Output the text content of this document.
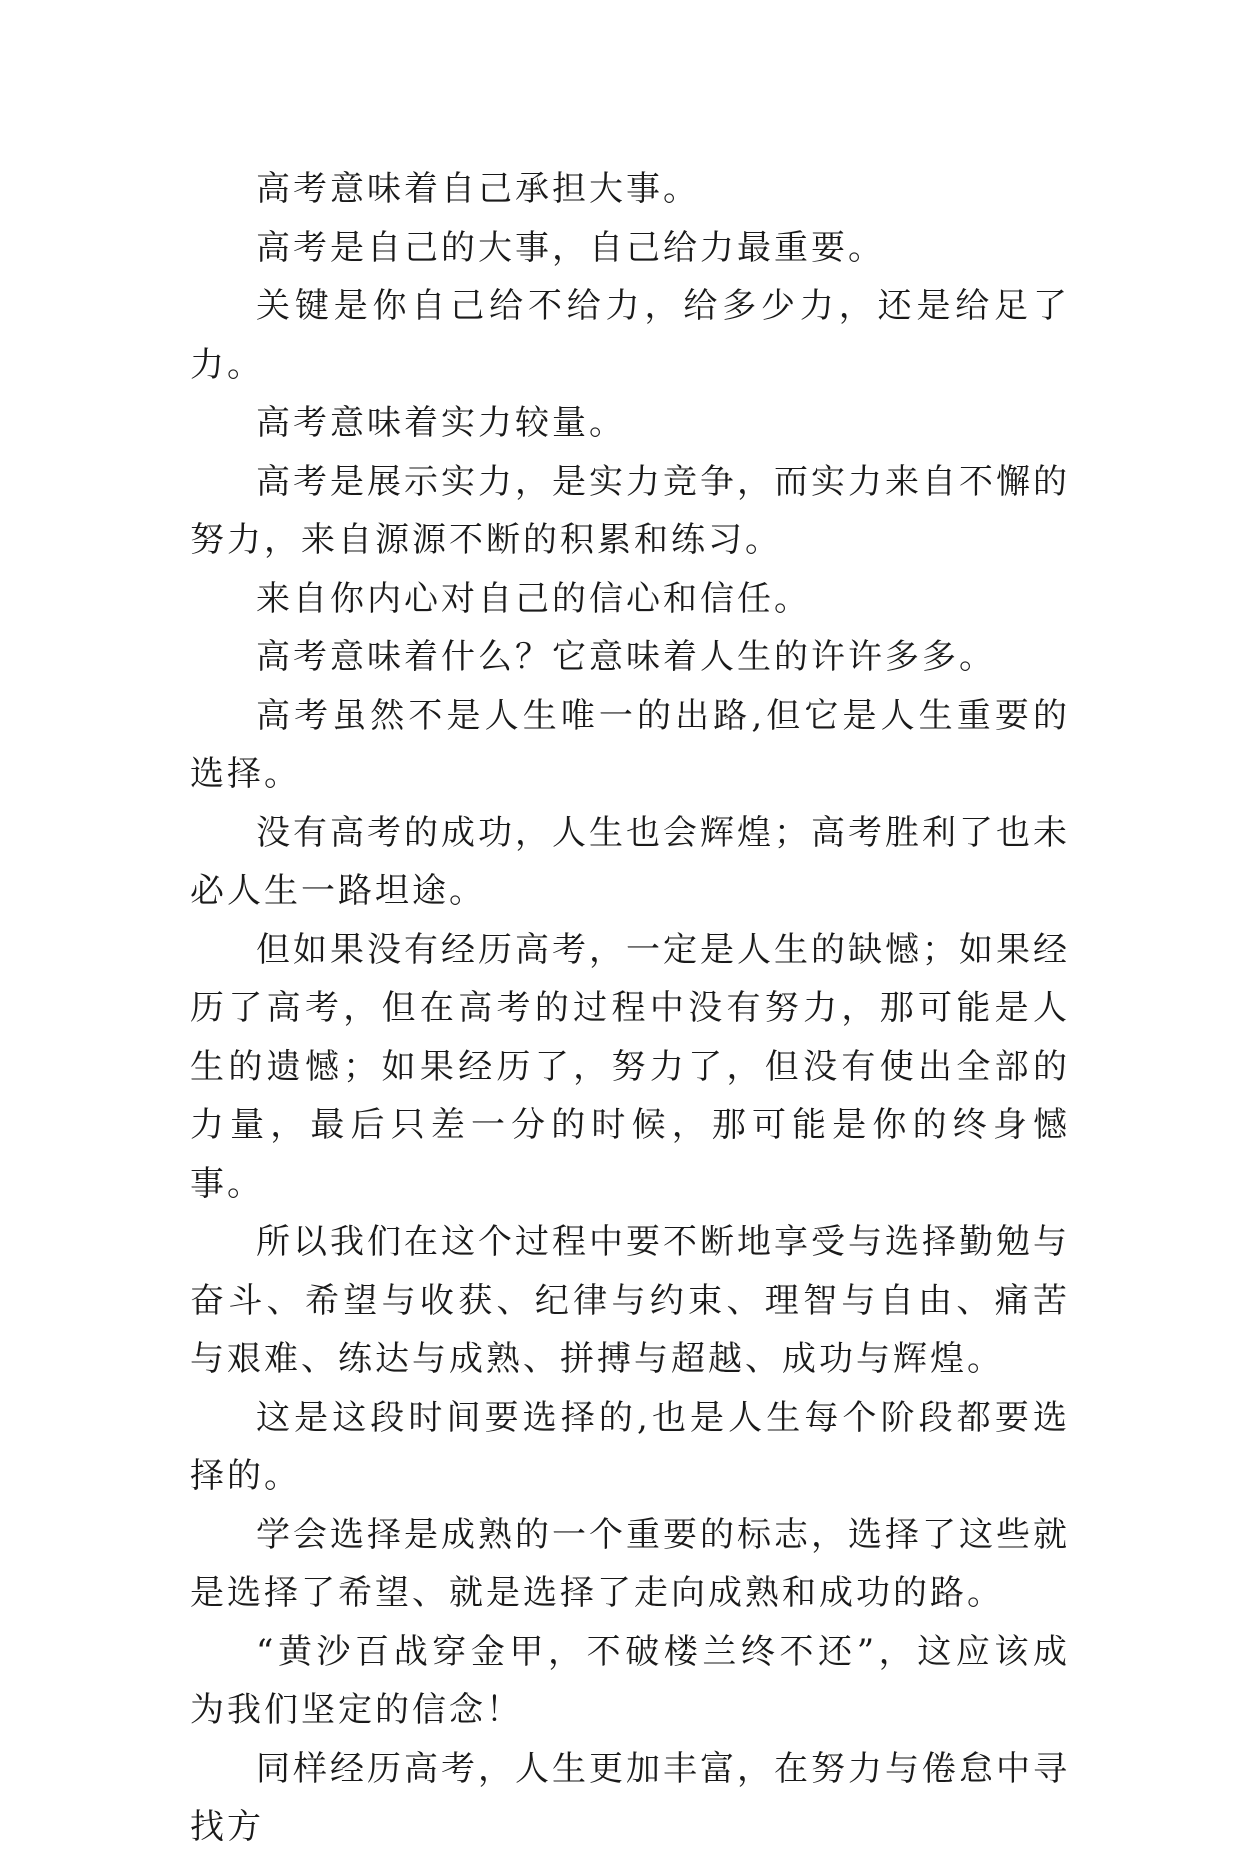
高考意味着自己承担大事。

高考是自己的大事，自己给力最重要。

关键是你自己给不给力，给多少力，还是给足了力。

高考意味着实力较量。

高考是展示实力，是实力竞争，而实力来自不懈的努力，来自源源不断的积累和练习。

来自你内心对自己的信心和信任。

高考意味着什么？它意味着人生的许许多多。

高考虽然不是人生唯一的出路,但它是人生重要的选择。

没有高考的成功，人生也会辉煌；高考胜利了也未必人生一路坦途。

但如果没有经历高考，一定是人生的缺憾；如果经历了高考，但在高考的过程中没有努力，那可能是人生的遗憾；如果经历了，努力了，但没有使出全部的力量，最后只差一分的时候，那可能是你的终身憾事。

所以我们在这个过程中要不断地享受与选择勤勉与奋斗、希望与收获、纪律与约束、理智与自由、痛苦与艰难、练达与成熟、拼搏与超越、成功与辉煌。

这是这段时间要选择的,也是人生每个阶段都要选择的。

学会选择是成熟的一个重要的标志，选择了这些就是选择了希望、就是选择了走向成熟和成功的路。

“黄沙百战穿金甲，不破楼兰终不还”，这应该成为我们坚定的信念！

同样经历高考，人生更加丰富，在努力与倦怠中寻找方
